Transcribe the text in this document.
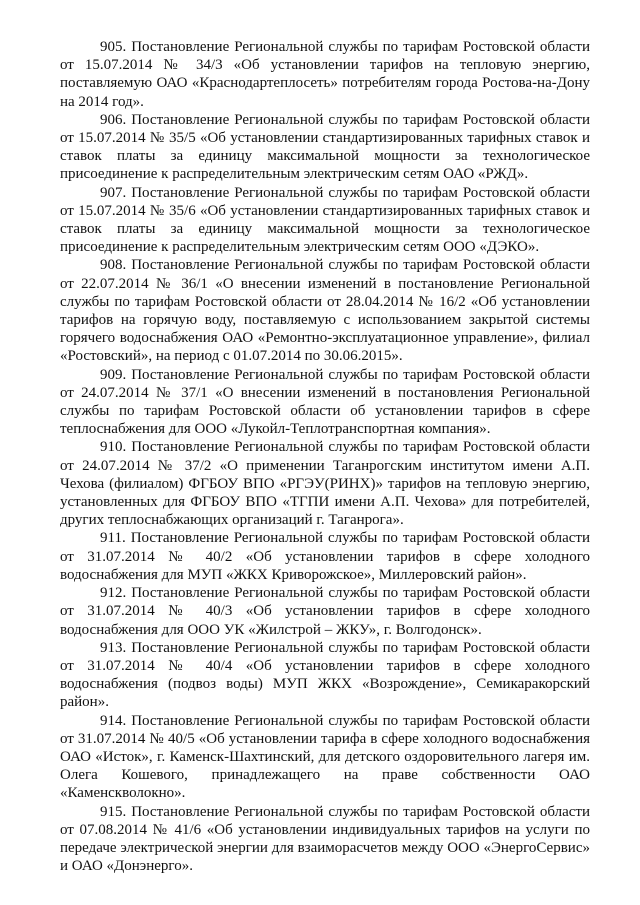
905. Постановление Региональной службы по тарифам Ростовской области от 15.07.2014 № 34/3 «Об установлении тарифов на тепловую энергию, поставляемую ОАО «Краснодартеплосеть» потребителям города Ростова-на-Дону на 2014 год».

906. Постановление Региональной службы по тарифам Ростовской области от 15.07.2014 № 35/5 «Об установлении стандартизированных тарифных ставок и ставок платы за единицу максимальной мощности за технологическое присоединение к распределительным электрическим сетям ОАО «РЖД».

907. Постановление Региональной службы по тарифам Ростовской области от 15.07.2014 № 35/6 «Об установлении стандартизированных тарифных ставок и ставок платы за единицу максимальной мощности за технологическое присоединение к распределительным электрическим сетям ООО «ДЭКО».

908. Постановление Региональной службы по тарифам Ростовской области от 22.07.2014 № 36/1 «О внесении изменений в постановление Региональной службы по тарифам Ростовской области от 28.04.2014 № 16/2 «Об установлении тарифов на горячую воду, поставляемую с использованием закрытой системы горячего водоснабжения ОАО «Ремонтно-эксплуатационное управление», филиал «Ростовский», на период с 01.07.2014 по 30.06.2015».

909. Постановление Региональной службы по тарифам Ростовской области от 24.07.2014 № 37/1 «О внесении изменений в постановления Региональной службы по тарифам Ростовской области об установлении тарифов в сфере теплоснабжения для ООО «Лукойл-Теплотранспортная компания».

910. Постановление Региональной службы по тарифам Ростовской области от 24.07.2014 № 37/2 «О применении Таганрогским институтом имени А.П. Чехова (филиалом) ФГБОУ ВПО «РГЭУ(РИНХ)» тарифов на тепловую энергию, установленных для ФГБОУ ВПО «ТГПИ имени А.П. Чехова» для потребителей, других теплоснабжающих организаций г. Таганрога».

911. Постановление Региональной службы по тарифам Ростовской области от 31.07.2014 № 40/2 «Об установлении тарифов в сфере холодного водоснабжения для МУП «ЖКХ Криворожское», Миллеровский район».

912. Постановление Региональной службы по тарифам Ростовской области от 31.07.2014 № 40/3 «Об установлении тарифов в сфере холодного водоснабжения для ООО УК «Жилстрой – ЖКУ», г. Волгодонск».

913. Постановление Региональной службы по тарифам Ростовской области от 31.07.2014 № 40/4 «Об установлении тарифов в сфере холодного водоснабжения (подвоз воды) МУП ЖКХ «Возрождение», Семикаракорский район».

914. Постановление Региональной службы по тарифам Ростовской области от 31.07.2014 № 40/5 «Об установлении тарифа в сфере холодного водоснабжения ОАО «Исток», г. Каменск-Шахтинский, для детского оздоровительного лагеря им. Олега Кошевого, принадлежащего на праве собственности ОАО «Каменскволокно».

915. Постановление Региональной службы по тарифам Ростовской области от 07.08.2014 № 41/6 «Об установлении индивидуальных тарифов на услуги по передаче электрической энергии для взаиморасчетов между ООО «ЭнергоСервис» и ОАО «Донэнерго».
